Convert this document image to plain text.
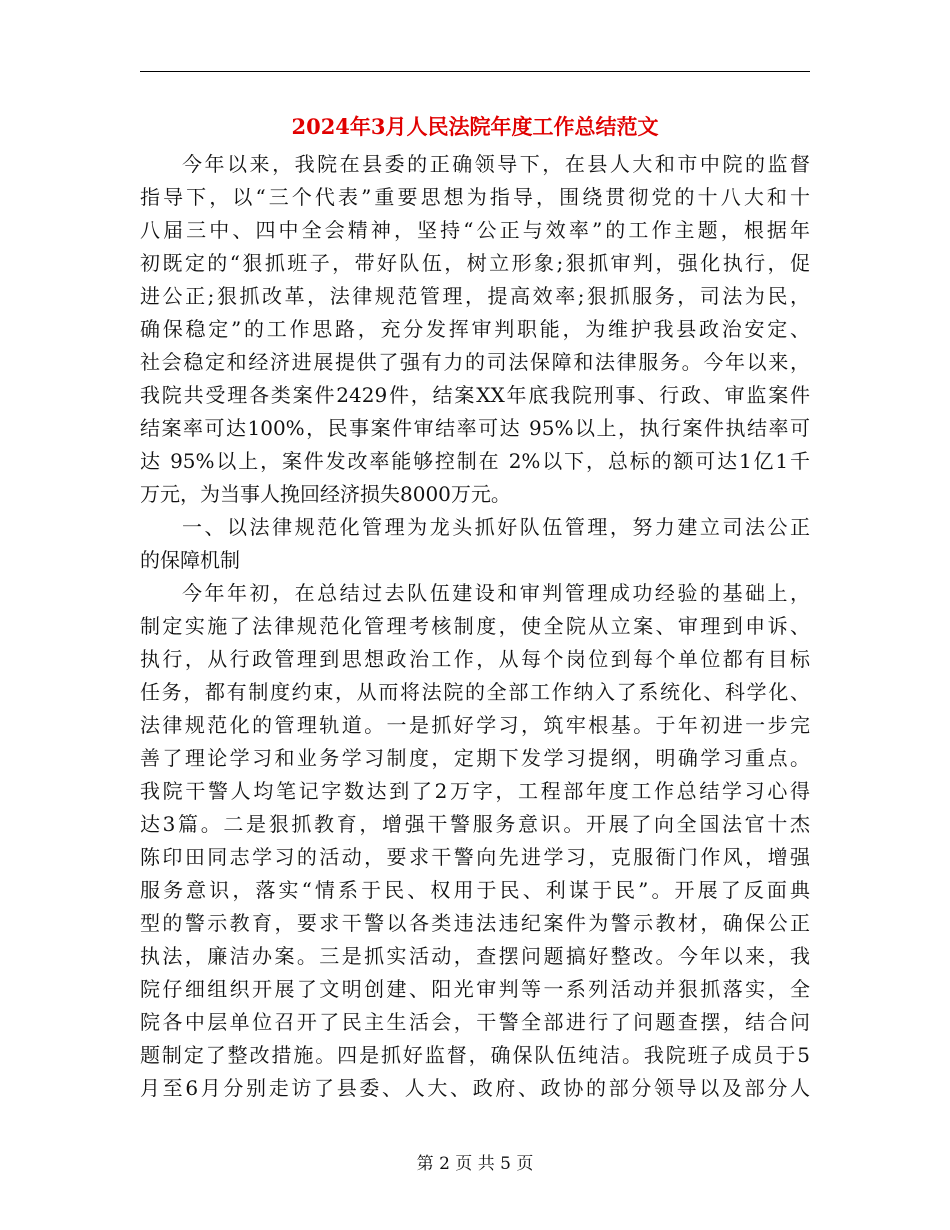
2024年3月人民法院年度工作总结范文
今年以来，我院在县委的正确领导下，在县人大和市中院的监督
指导下，以“三个代表”重要思想为指导，围绕贯彻党的十八大和十
八届三中、四中全会精神，坚持“公正与效率”的工作主题，根据年
初既定的“狠抓班子，带好队伍，树立形象;狠抓审判，强化执行，促
进公正;狠抓改革，法律规范管理，提高效率;狠抓服务，司法为民，
确保稳定”的工作思路，充分发挥审判职能，为维护我县政治安定、
社会稳定和经济进展提供了强有力的司法保障和法律服务。今年以来，
我院共受理各类案件2429件，结案XX年底我院刑事、行政、审监案件
结案率可达100%，民事案件审结率可达 95%以上，执行案件执结率可
达 95%以上，案件发改率能够控制在 2%以下，总标的额可达1亿1千
万元，为当事人挽回经济损失8000万元。
一、以法律规范化管理为龙头抓好队伍管理，努力建立司法公正
的保障机制
今年年初，在总结过去队伍建设和审判管理成功经验的基础上，
制定实施了法律规范化管理考核制度，使全院从立案、审理到申诉、
执行，从行政管理到思想政治工作，从每个岗位到每个单位都有目标
任务，都有制度约束，从而将法院的全部工作纳入了系统化、科学化、
法律规范化的管理轨道。一是抓好学习，筑牢根基。于年初进一步完
善了理论学习和业务学习制度，定期下发学习提纲，明确学习重点。
我院干警人均笔记字数达到了2万字，工程部年度工作总结学习心得
达3篇。二是狠抓教育，增强干警服务意识。开展了向全国法官十杰
陈印田同志学习的活动，要求干警向先进学习，克服衙门作风，增强
服务意识，落实“情系于民、权用于民、利谋于民”。开展了反面典
型的警示教育，要求干警以各类违法违纪案件为警示教材，确保公正
执法，廉洁办案。三是抓实活动，查摆问题搞好整改。今年以来，我
院仔细组织开展了文明创建、阳光审判等一系列活动并狠抓落实，全
院各中层单位召开了民主生活会，干警全部进行了问题查摆，结合问
题制定了整改措施。四是抓好监督，确保队伍纯洁。我院班子成员于5
月至6月分别走访了县委、人大、政府、政协的部分领导以及部分人
第 2 页 共 5 页
